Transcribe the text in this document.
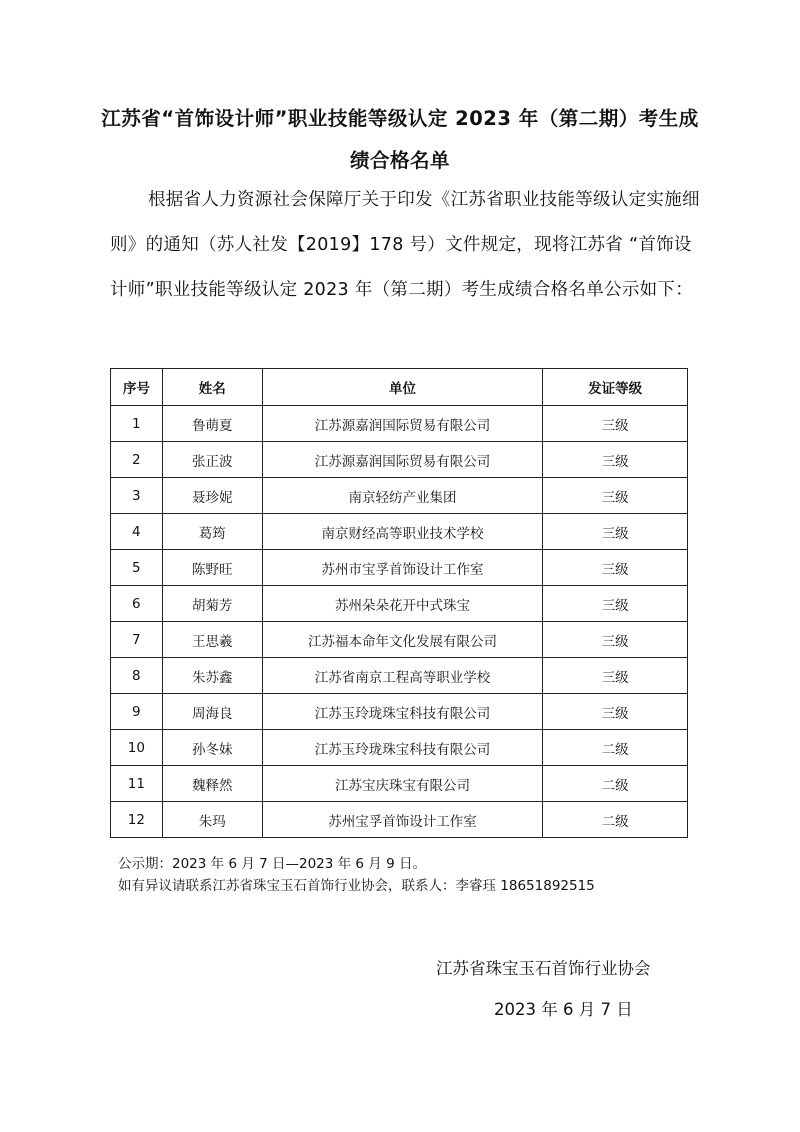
江苏省“首饰设计师”职业技能等级认定 2023 年（第二期）考生成绩合格名单
根据省人力资源社会保障厅关于印发《江苏省职业技能等级认定实施细则》的通知（苏人社发【2019】178 号）文件规定，现将江苏省 “首饰设计师”职业技能等级认定 2023 年（第二期）考生成绩合格名单公示如下：
序号	姓名	单位	发证等级
1	鲁萌夏	江苏源嘉润国际贸易有限公司	三级
2	张正波	江苏源嘉润国际贸易有限公司	三级
3	聂珍妮	南京轻纺产业集团	三级
4	葛筠	南京财经高等职业技术学校	三级
5	陈野旺	苏州市宝孚首饰设计工作室	三级
6	胡菊芳	苏州朵朵花开中式珠宝	三级
7	王思羲	江苏福本命年文化发展有限公司	三级
8	朱苏鑫	江苏省南京工程高等职业学校	三级
9	周海良	江苏玉玲珑珠宝科技有限公司	三级
10	孙冬妹	江苏玉玲珑珠宝科技有限公司	二级
11	魏释然	江苏宝庆珠宝有限公司	二级
12	朱玛	苏州宝孚首饰设计工作室	二级
公示期：2023 年 6 月 7 日—2023 年 6 月 9 日。
如有异议请联系江苏省珠宝玉石首饰行业协会，联系人：李睿珏 18651892515
江苏省珠宝玉石首饰行业协会
2023 年 6 月 7 日
